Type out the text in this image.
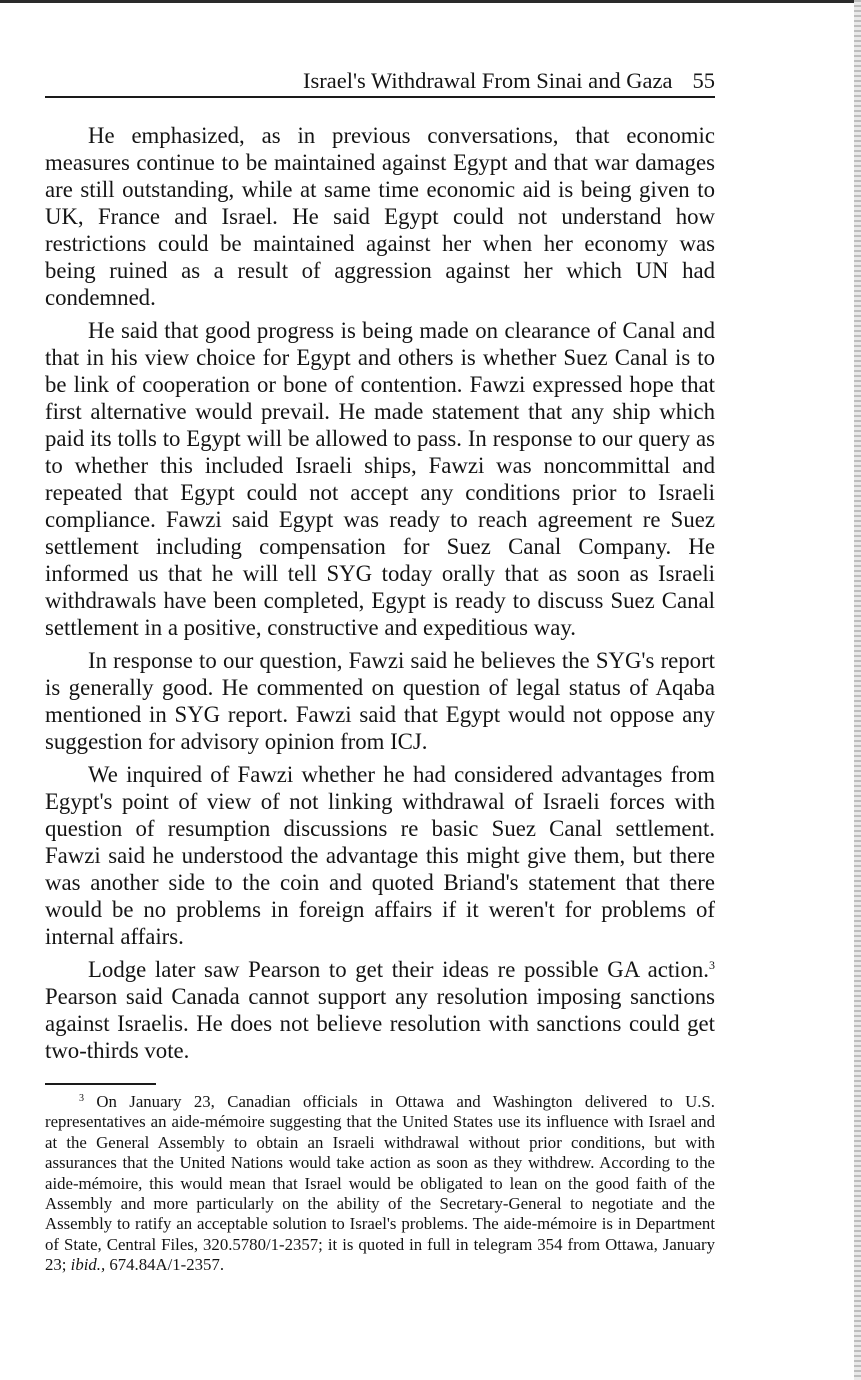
Israel's Withdrawal From Sinai and Gaza 55

He emphasized, as in previous conversations, that economic measures continue to be maintained against Egypt and that war damages are still outstanding, while at same time economic aid is being given to UK, France and Israel. He said Egypt could not understand how restrictions could be maintained against her when her economy was being ruined as a result of aggression against her which UN had condemned.

He said that good progress is being made on clearance of Canal and that in his view choice for Egypt and others is whether Suez Canal is to be link of cooperation or bone of contention. Fawzi expressed hope that first alternative would prevail. He made statement that any ship which paid its tolls to Egypt will be allowed to pass. In response to our query as to whether this included Israeli ships, Fawzi was noncommittal and repeated that Egypt could not accept any conditions prior to Israeli compliance. Fawzi said Egypt was ready to reach agreement re Suez settlement including compensation for Suez Canal Company. He informed us that he will tell SYG today orally that as soon as Israeli withdrawals have been completed, Egypt is ready to discuss Suez Canal settlement in a positive, constructive and expeditious way.

In response to our question, Fawzi said he believes the SYG's report is generally good. He commented on question of legal status of Aqaba mentioned in SYG report. Fawzi said that Egypt would not oppose any suggestion for advisory opinion from ICJ.

We inquired of Fawzi whether he had considered advantages from Egypt's point of view of not linking withdrawal of Israeli forces with question of resumption discussions re basic Suez Canal settlement. Fawzi said he understood the advantage this might give them, but there was another side to the coin and quoted Briand's statement that there would be no problems in foreign affairs if it weren't for problems of internal affairs.

Lodge later saw Pearson to get their ideas re possible GA action.$^3$ Pearson said Canada cannot support any resolution imposing sanctions against Israelis. He does not believe resolution with sanctions could get two-thirds vote.

$^3$ On January 23, Canadian officials in Ottawa and Washington delivered to U.S. representatives an aide-mémoire suggesting that the United States use its influence with Israel and at the General Assembly to obtain an Israeli withdrawal without prior conditions, but with assurances that the United Nations would take action as soon as they withdrew. According to the aide-mémoire, this would mean that Israel would be obligated to lean on the good faith of the Assembly and more particularly on the ability of the Secretary-General to negotiate and the Assembly to ratify an acceptable solution to Israel's problems. The aide-mémoire is in Department of State, Central Files, 320.5780/1-2357; it is quoted in full in telegram 354 from Ottawa, January 23; ibid., 674.84A/1-2357.
